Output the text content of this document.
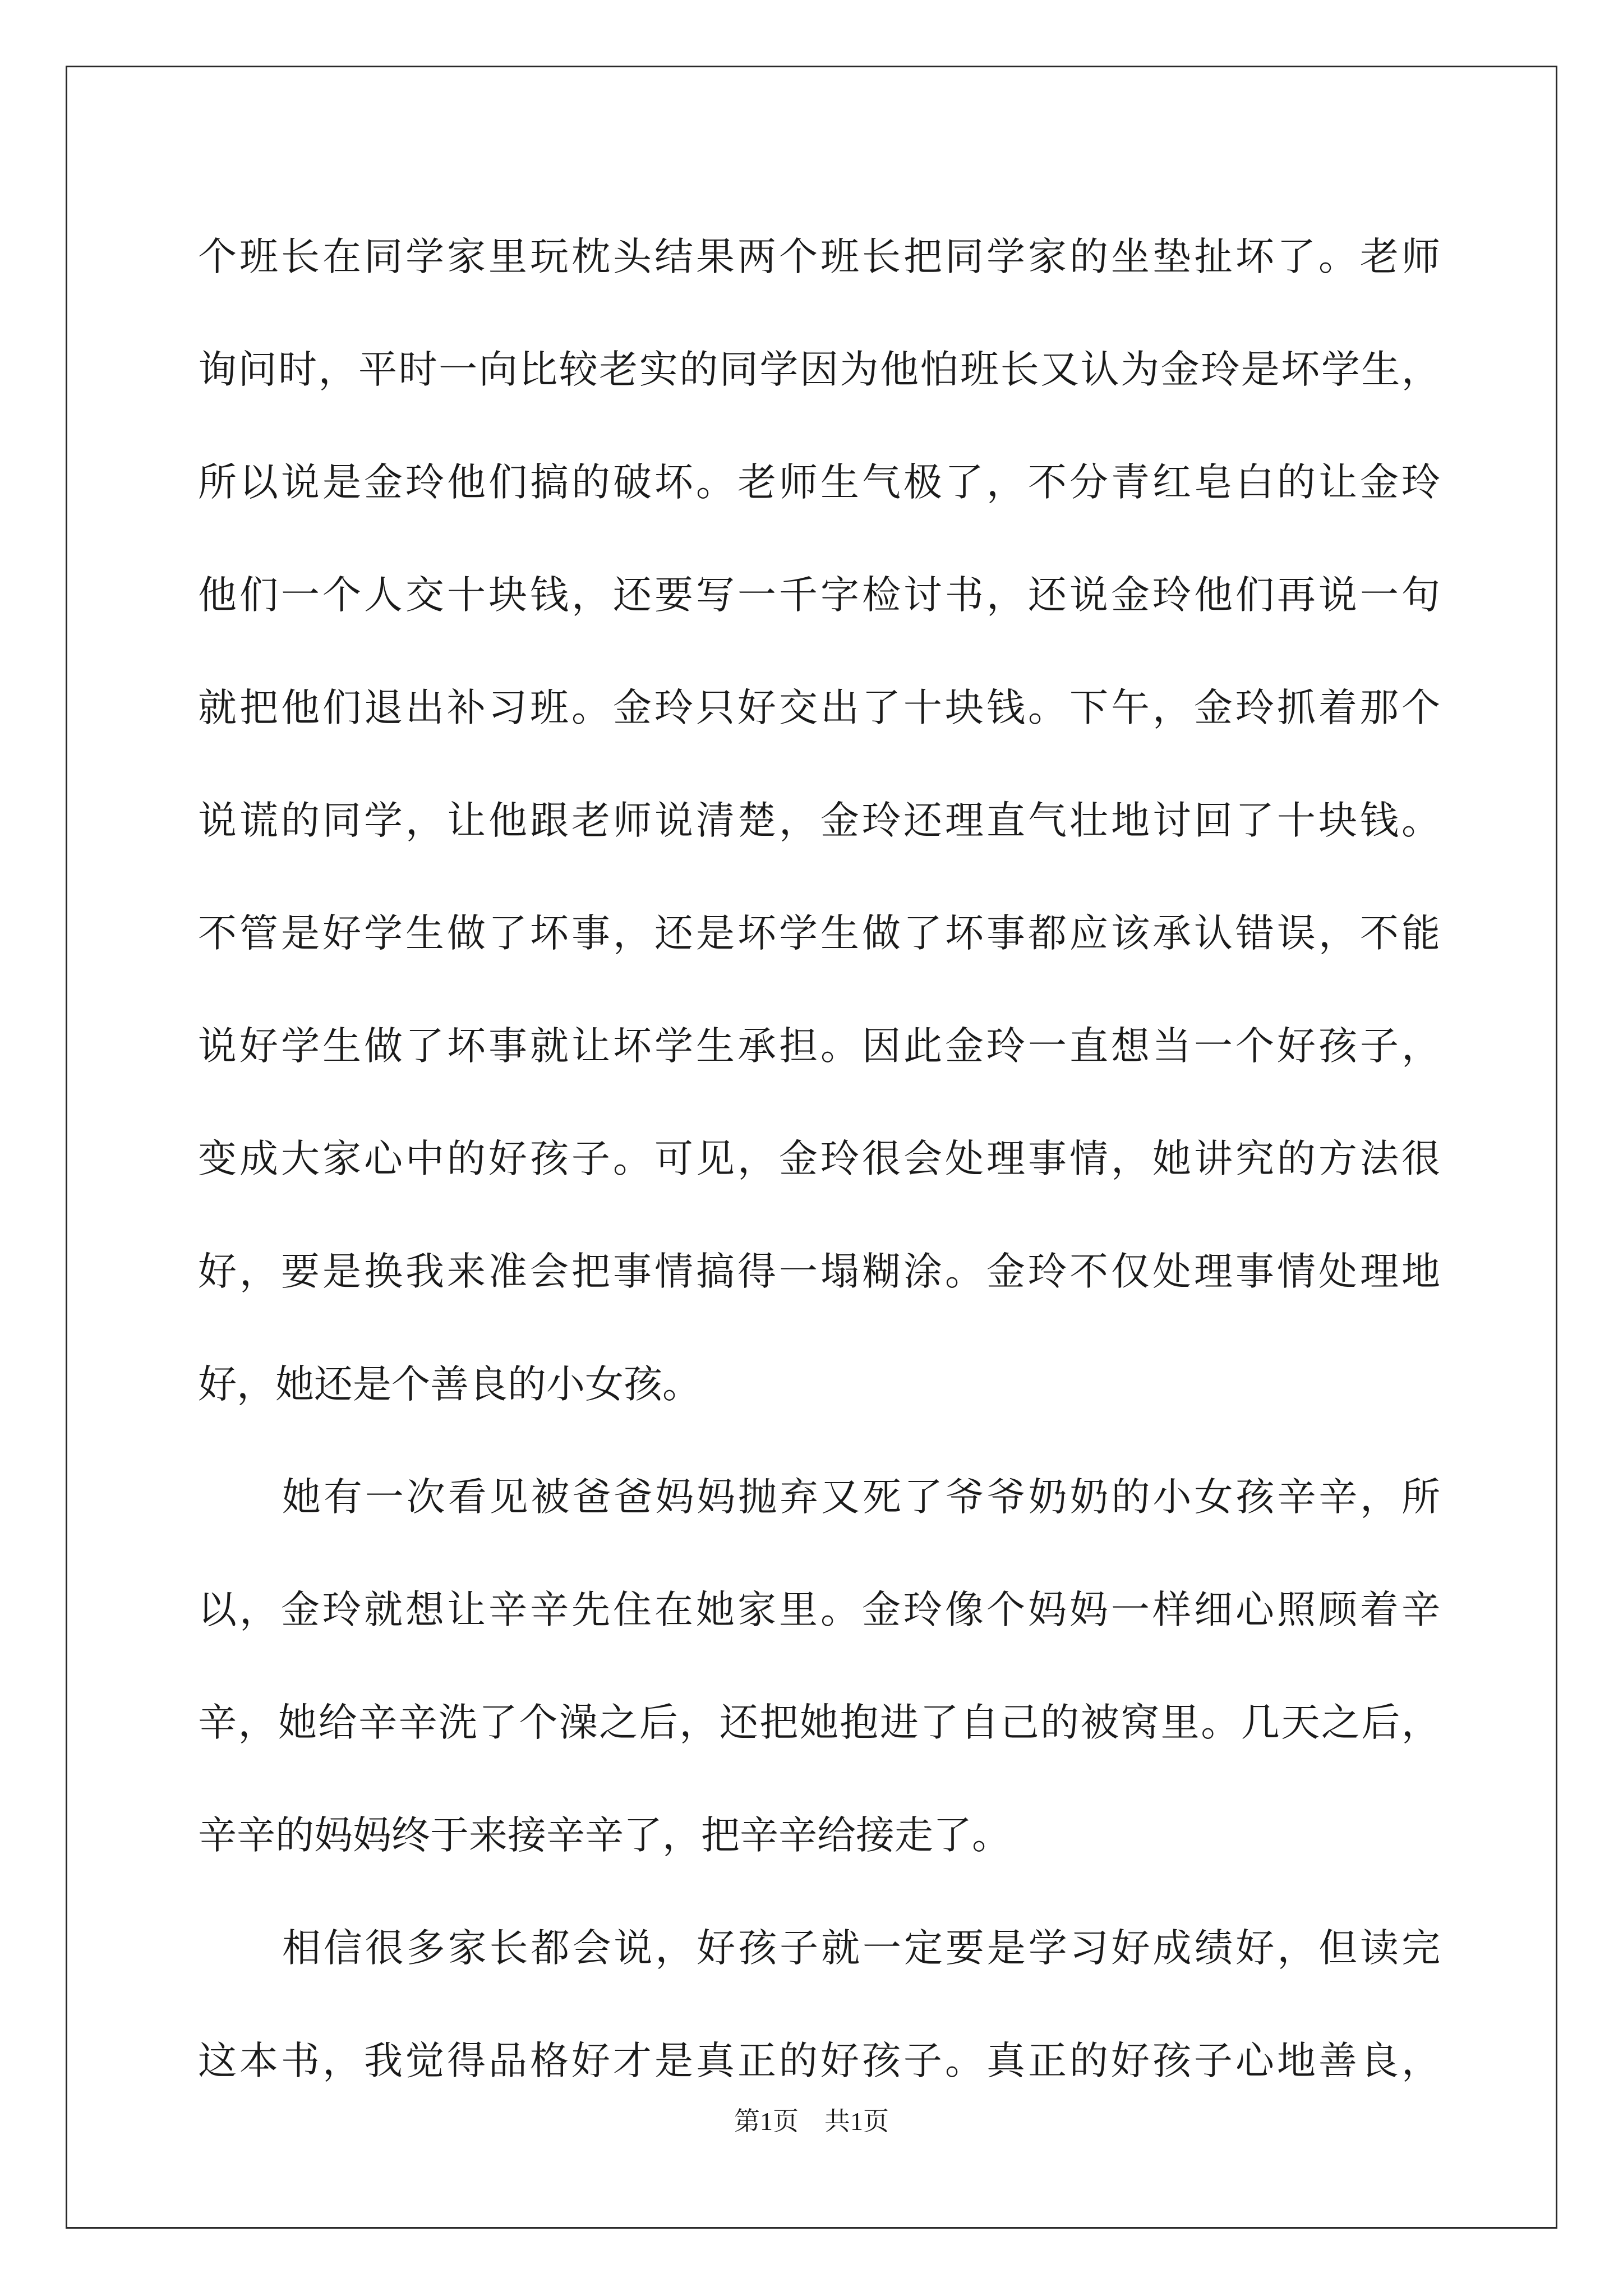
个班长在同学家里玩枕头结果两个班长把同学家的坐垫扯坏了。老师
询问时，平时一向比较老实的同学因为他怕班长又认为金玲是坏学生，
所以说是金玲他们搞的破坏。老师生气极了，不分青红皂白的让金玲
他们一个人交十块钱，还要写一千字检讨书，还说金玲他们再说一句
就把他们退出补习班。金玲只好交出了十块钱。下午，金玲抓着那个
说谎的同学，让他跟老师说清楚，金玲还理直气壮地讨回了十块钱。
不管是好学生做了坏事，还是坏学生做了坏事都应该承认错误，不能
说好学生做了坏事就让坏学生承担。因此金玲一直想当一个好孩子，
变成大家心中的好孩子。可见，金玲很会处理事情，她讲究的方法很
好，要是换我来准会把事情搞得一塌糊涂。金玲不仅处理事情处理地
好，她还是个善良的小女孩。
她有一次看见被爸爸妈妈抛弃又死了爷爷奶奶的小女孩辛辛，所
以，金玲就想让辛辛先住在她家里。金玲像个妈妈一样细心照顾着辛
辛，她给辛辛洗了个澡之后，还把她抱进了自己的被窝里。几天之后，
辛辛的妈妈终于来接辛辛了，把辛辛给接走了。
相信很多家长都会说，好孩子就一定要是学习好成绩好，但读完
这本书，我觉得品格好才是真正的好孩子。真正的好孩子心地善良，
第1页　共1页
